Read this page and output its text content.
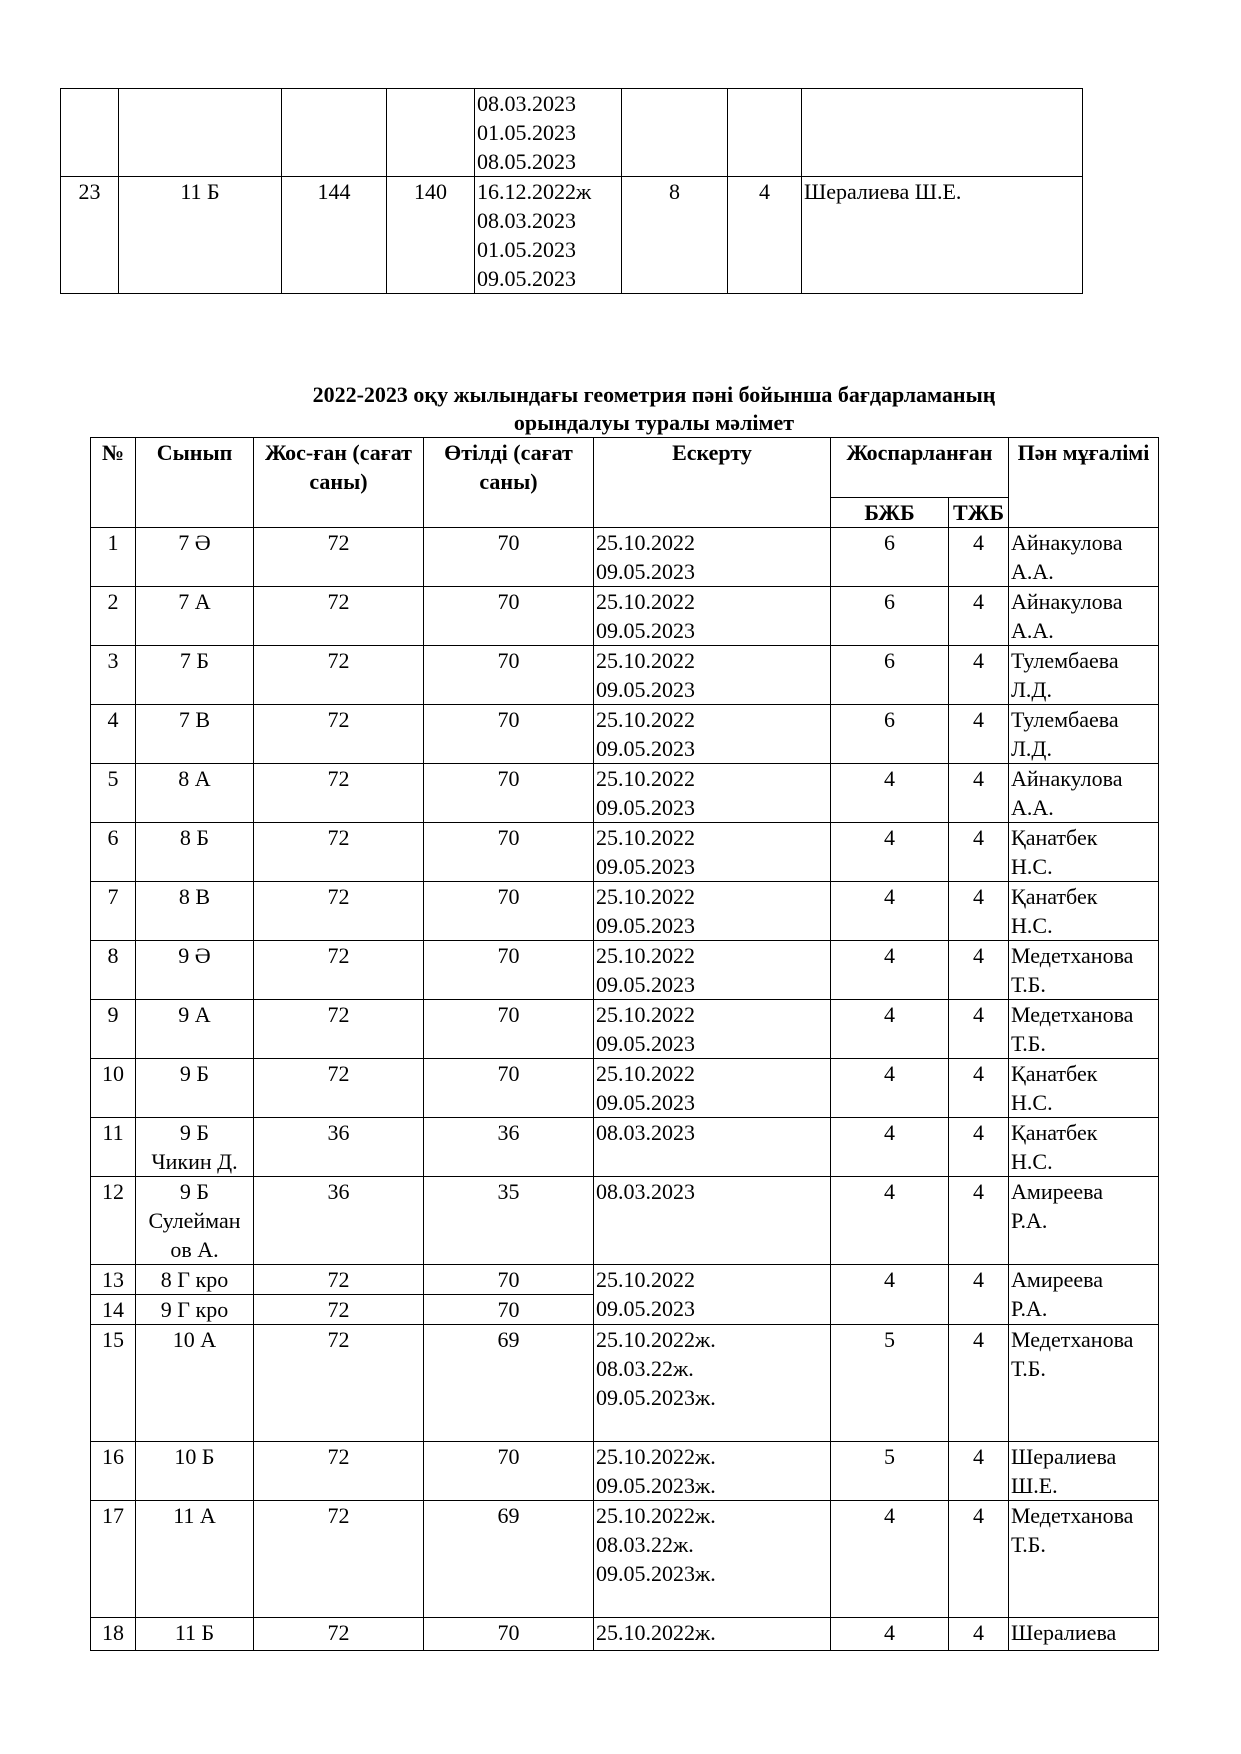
				08.03.2023
01.05.2023
08.05.2023			

23	11 Б	144	140	16.12.2022ж
08.03.2023
01.05.2023
09.05.2023	8	4	Шералиева Ш.Е.
2022-2023 оқу жылындағы геометрия пәні бойынша бағдарламаның
орындалуы туралы мәлімет
№	Сынып	Жос-ған (сағат саны)	Өтілді (сағат саны)	Ескерту	Жоспарланған		Пән мұғалімі
					БЖБ	ТЖБ	
1	7 Ә	72	70	25.10.2022
09.05.2023	6	4	Айнакулова
А.А.

2	7 А	72	70	25.10.2022
09.05.2023	6	4	Айнакулова
А.А.

3	7 Б	72	70	25.10.2022
09.05.2023	6	4	Тулембаева
Л.Д.

4	7 В	72	70	25.10.2022
09.05.2023	6	4	Тулембаева
Л.Д.

5	8 А	72	70	25.10.2022
09.05.2023	4	4	Айнакулова
А.А.

6	8 Б	72	70	25.10.2022
09.05.2023	4	4	Қанатбек
Н.С.

7	8 В	72	70	25.10.2022
09.05.2023	4	4	Қанатбек
Н.С.

8	9 Ә	72	70	25.10.2022
09.05.2023	4	4	Медетханова
Т.Б.

9	9 А	72	70	25.10.2022
09.05.2023	4	4	Медетханова
Т.Б.

10	9 Б	72	70	25.10.2022
09.05.2023	4	4	Қанатбек
Н.С.

11	9 Б
Чикин Д.	36	36	08.03.2023	4	4	Қанатбек
Н.С.

12	9 Б
Сулейман
ов А.	36	35	08.03.2023	4	4	Амиреева
Р.А.

13	8 Г кро	72	70	25.10.2022
09.05.2023	4	4	Амиреева
Р.А.

14	9 Г кро	72	70				
15	10 А	72	69	25.10.2022ж.
08.03.22ж.
09.05.2023ж.	5	4	Медетханова
Т.Б.

16	10 Б	72	70	25.10.2022ж.
09.05.2023ж.	5	4	Шералиева
Ш.Е.

17	11 А	72	69	25.10.2022ж.
08.03.22ж.
09.05.2023ж.	4	4	Медетханова
Т.Б.

18	11 Б	72	70	25.10.2022ж.	4	4	Шералиева
